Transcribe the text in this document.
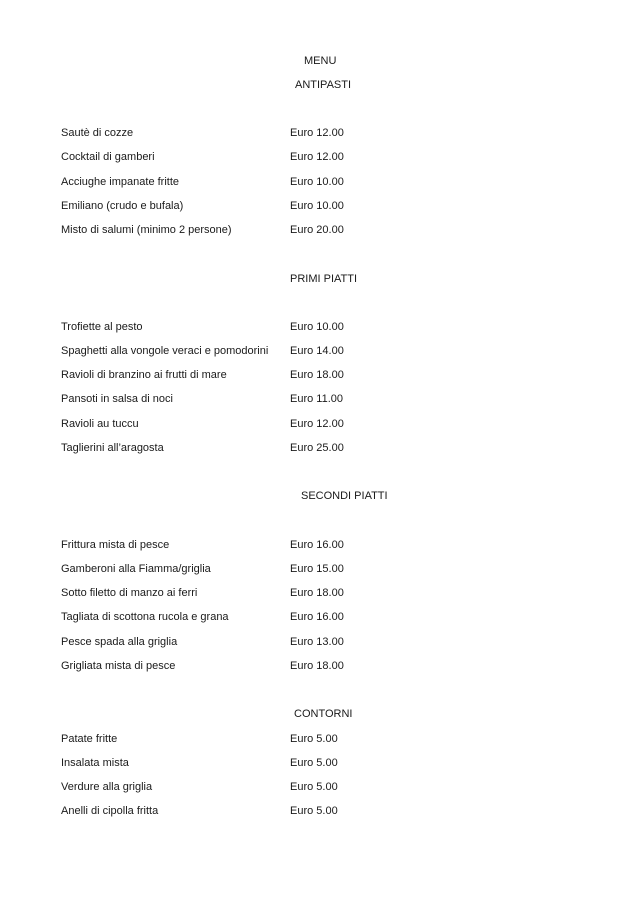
MENU
ANTIPASTI
Sautè di cozze	Euro 12.00
Cocktail di gamberi	Euro 12.00
Acciughe impanate fritte	Euro 10.00
Emiliano (crudo e bufala)	Euro 10.00
Misto di salumi (minimo 2 persone)	Euro 20.00
PRIMI PIATTI
Trofiette al pesto	Euro 10.00
Spaghetti alla vongole veraci e pomodorini Euro 14.00
Ravioli di branzino ai frutti di mare	Euro 18.00
Pansoti in salsa di noci	Euro 11.00
Ravioli au tuccu	Euro 12.00
Taglierini all’aragosta	Euro 25.00
SECONDI PIATTI
Frittura mista di pesce	Euro 16.00
Gamberoni alla Fiamma/griglia	Euro 15.00
Sotto filetto di manzo ai ferri	Euro 18.00
Tagliata di scottona rucola e grana	Euro 16.00
Pesce spada alla griglia	Euro 13.00
Grigliata mista di pesce	Euro 18.00
CONTORNI
Patate fritte	Euro 5.00
Insalata mista	Euro 5.00
Verdure alla griglia	Euro 5.00
Anelli di cipolla fritta	Euro 5.00
